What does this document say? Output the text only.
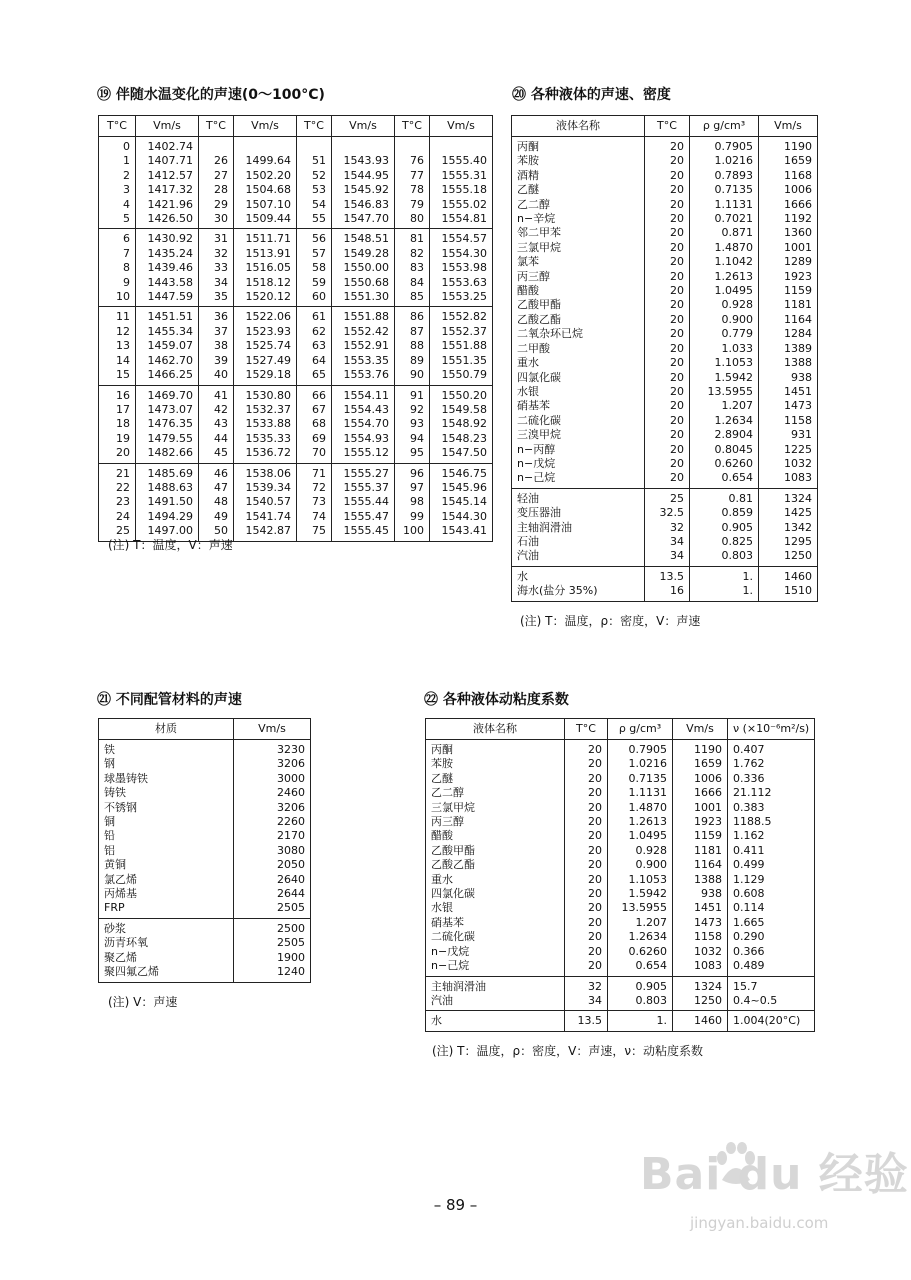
⑲ 伴随水温变化的声速(0～100°C)
T°C	Vm/s	T°C	Vm/s	T°C	Vm/s	T°C	Vm/s
0	1402.74						
1	1407.71	26	1499.64	51	1543.93	76	1555.40
2	1412.57	27	1502.20	52	1544.95	77	1555.31
3	1417.32	28	1504.68	53	1545.92	78	1555.18
4	1421.96	29	1507.10	54	1546.83	79	1555.02
5	1426.50	30	1509.44	55	1547.70	80	1554.81
6	1430.92	31	1511.71	56	1548.51	81	1554.57
7	1435.24	32	1513.91	57	1549.28	82	1554.30
8	1439.46	33	1516.05	58	1550.00	83	1553.98
9	1443.58	34	1518.12	59	1550.68	84	1553.63
10	1447.59	35	1520.12	60	1551.30	85	1553.25
11	1451.51	36	1522.06	61	1551.88	86	1552.82
12	1455.34	37	1523.93	62	1552.42	87	1552.37
13	1459.07	38	1525.74	63	1552.91	88	1551.88
14	1462.70	39	1527.49	64	1553.35	89	1551.35
15	1466.25	40	1529.18	65	1553.76	90	1550.79
16	1469.70	41	1530.80	66	1554.11	91	1550.20
17	1473.07	42	1532.37	67	1554.43	92	1549.58
18	1476.35	43	1533.88	68	1554.70	93	1548.92
19	1479.55	44	1535.33	69	1554.93	94	1548.23
20	1482.66	45	1536.72	70	1555.12	95	1547.50
21	1485.69	46	1538.06	71	1555.27	96	1546.75
22	1488.63	47	1539.34	72	1555.37	97	1545.96
23	1491.50	48	1540.57	73	1555.44	98	1545.14
24	1494.29	49	1541.74	74	1555.47	99	1544.30
25	1497.00	50	1542.87	75	1555.45	100	1543.41
(注) T：温度，V：声速
⑳ 各种液体的声速、密度
液体名称	T°C	ρ g/cm³	Vm/s
丙酮	20	0.7905	1190
苯胺	20	1.0216	1659
酒精	20	0.7893	1168
乙醚	20	0.7135	1006
乙二醇	20	1.1131	1666
n−辛烷	20	0.7021	1192
邻二甲苯	20	0.871	1360
三氯甲烷	20	1.4870	1001
氯苯	20	1.1042	1289
丙三醇	20	1.2613	1923
醋酸	20	1.0495	1159
乙酸甲酯	20	0.928	1181
乙酸乙酯	20	0.900	1164
二氧杂环已烷	20	0.779	1284
二甲酸	20	1.033	1389
重水	20	1.1053	1388
四氯化碳	20	1.5942	938
水银	20	13.5955	1451
硝基苯	20	1.207	1473
二硫化碳	20	1.2634	1158
三溴甲烷	20	2.8904	931
n−丙醇	20	0.8045	1225
n−戊烷	20	0.6260	1032
n−己烷	20	0.654	1083
轻油	25	0.81	1324
变压器油	32.5	0.859	1425
主轴润滑油	32	0.905	1342
石油	34	0.825	1295
汽油	34	0.803	1250
水	13.5	1.	1460
海水(盐分 35%)	16	1.	1510
(注) T：温度，ρ：密度，V：声速
㉑ 不同配管材料的声速
材质	Vm/s
铁	3230
钢	3206
球墨铸铁	3000
铸铁	2460
不锈钢	3206
铜	2260
铅	2170
铝	3080
黄铜	2050
氯乙烯	2640
丙烯基	2644
FRP	2505
砂浆	2500
沥青环氧	2505
聚乙烯	1900
聚四氟乙烯	1240
(注) V：声速
㉒ 各种液体动粘度系数
液体名称	T°C	ρ g/cm³	Vm/s	ν (×10⁻⁶m²/s)
丙酮	20	0.7905	1190	0.407
苯胺	20	1.0216	1659	1.762
乙醚	20	0.7135	1006	0.336
乙二醇	20	1.1131	1666	21.112
三氯甲烷	20	1.4870	1001	0.383
丙三醇	20	1.2613	1923	1188.5
醋酸	20	1.0495	1159	1.162
乙酸甲酯	20	0.928	1181	0.411
乙酸乙酯	20	0.900	1164	0.499
重水	20	1.1053	1388	1.129
四氯化碳	20	1.5942	938	0.608
水银	20	13.5955	1451	0.114
硝基苯	20	1.207	1473	1.665
二硫化碳	20	1.2634	1158	0.290
n−戊烷	20	0.6260	1032	0.366
n−己烷	20	0.654	1083	0.489
主轴润滑油	32	0.905	1324	15.7
汽油	34	0.803	1250	0.4~0.5
水	13.5	1.	1460	1.004(20°C)
(注) T：温度，ρ：密度，V：声速，ν：动粘度系数
– 89 –
Bai du 经验
jingyan.baidu.com
